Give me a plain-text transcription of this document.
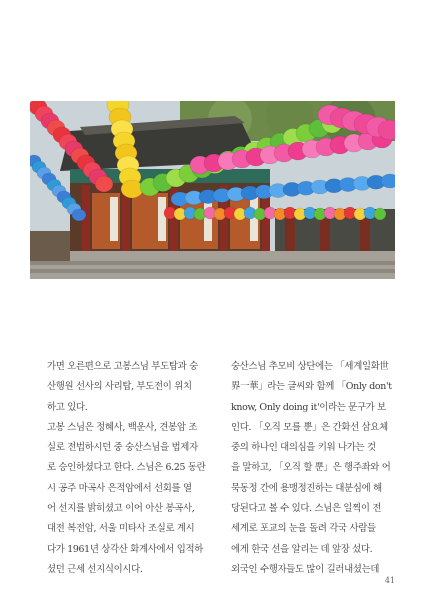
가면 오른편으로 고봉스님 부도탑과 숭

산행원 선사의 사리탑, 부도전이 위치

하고 있다.

고봉 스님은 정혜사, 백운사, 견봉암 조

실로 전법하시던 중 숭산스님을 법제자

로 승인하셨다고 한다. 스님은 6.25 동란

시 공주 마곡사 은적암에서 선회를 열

어 선지를 밝히셨고 이어 아산 봉곡사,

대전 복전암, 서울 미타사 조실로 계시

다가 1961년 상각산 화계사에서 입적하

셨던 근세 선지식이시다.

숭산스님 추모비 상단에는 「세계일화世

界一華」라는 글씨와 함께 「Only don't

know, Only doing it'이라는 문구가 보

인다. 「오직 모를 뿐」은 간화선 삼요체

중의 하나인 대의심을 키워 나가는 것

을 말하고, 「오직 할 뿐」은 행주좌와 어

묵동정 간에 용맹정진하는 대분심에 해

당된다고 볼 수 있다. 스님은 일찍이 전

세계로 포교의 눈을 돌려 각국 사람들

에게 한국 선을 알리는 데 앞장 섰다.

외국인 수행자들도 많이 길러내셨는데

41
